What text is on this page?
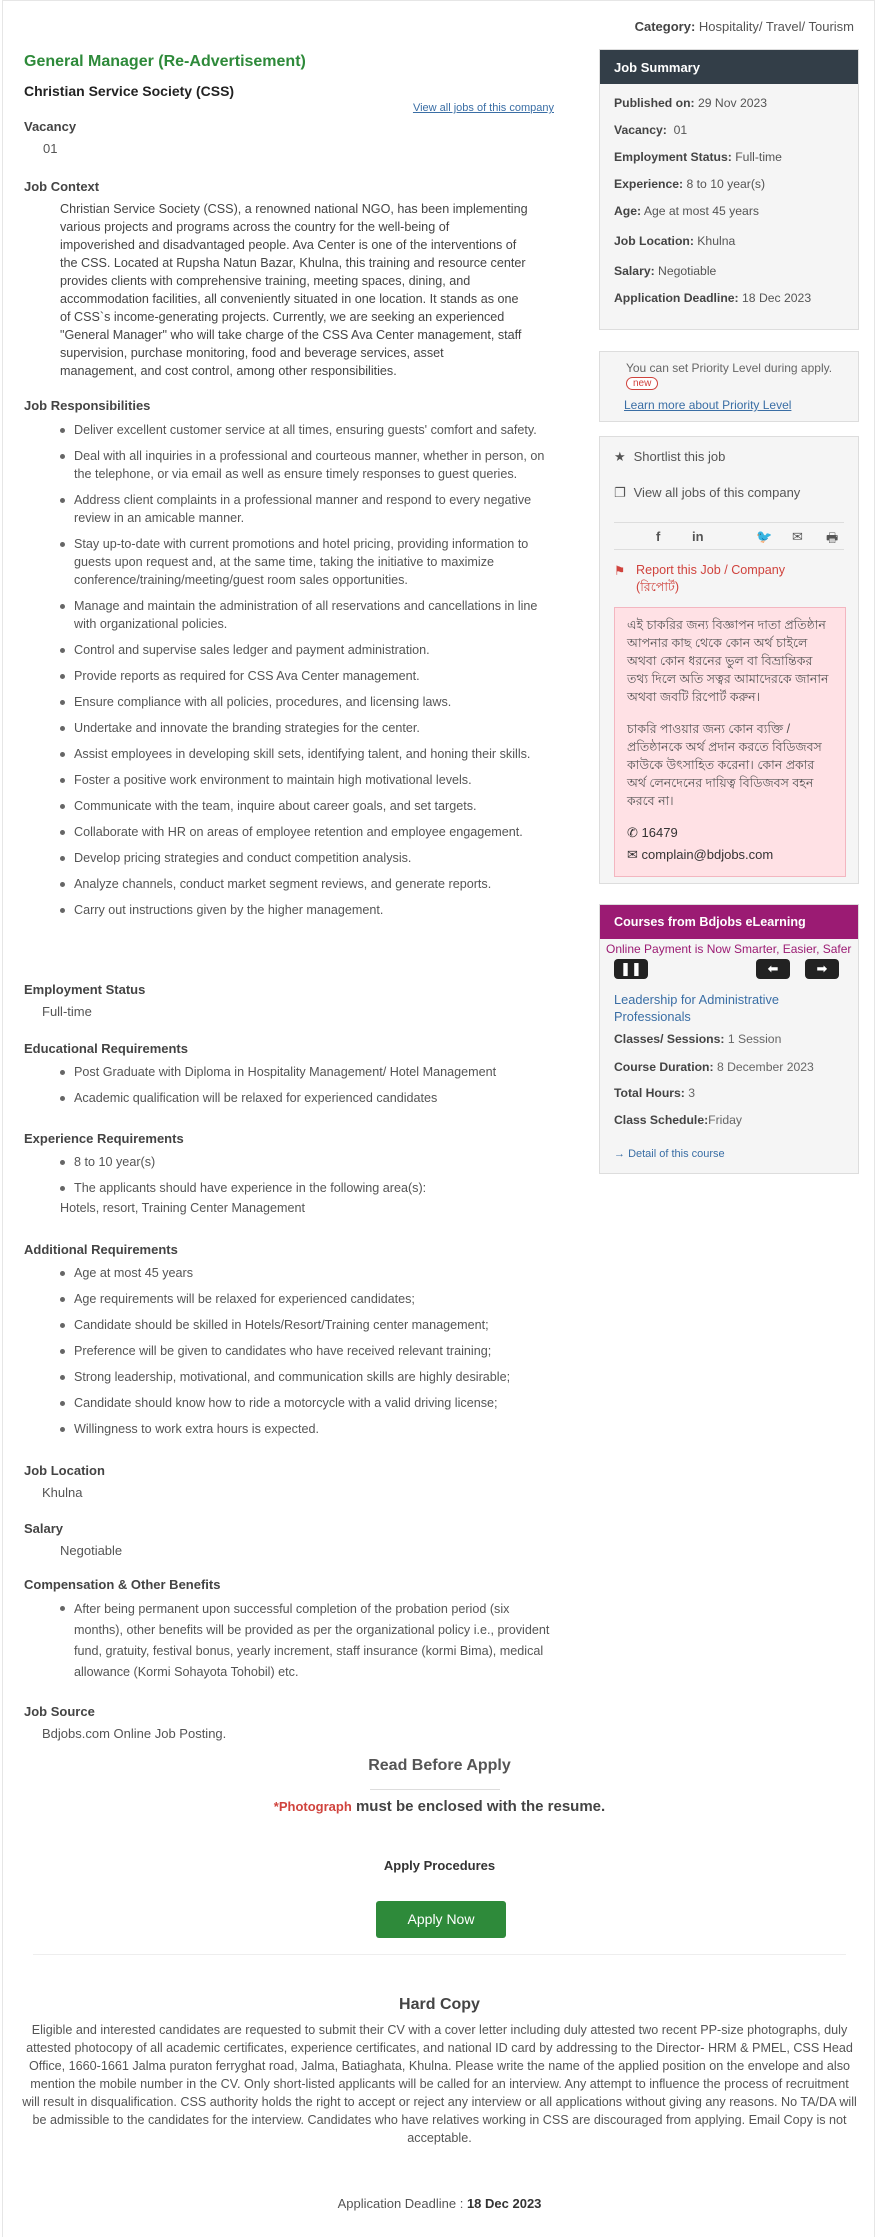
Category: Hospitality/ Travel/ Tourism
General Manager (Re-Advertisement)
Christian Service Society (CSS)
View all jobs of this company
Vacancy
01
Job Context
Christian Service Society (CSS), a renowned national NGO, has been implementing
various projects and programs across the country for the well-being of
impoverished and disadvantaged people. Ava Center is one of the interventions of
the CSS. Located at Rupsha Natun Bazar, Khulna, this training and resource center
provides clients with comprehensive training, meeting spaces, dining, and
accommodation facilities, all conveniently situated in one location. It stands as one
of CSS`s income-generating projects. Currently, we are seeking an experienced
"General Manager" who will take charge of the CSS Ava Center management, staff
supervision, purchase monitoring, food and beverage services, asset
management, and cost control, among other responsibilities.
Job Responsibilities
Deliver excellent customer service at all times, ensuring guests' comfort and safety.
Deal with all inquiries in a professional and courteous manner, whether in person, on the telephone, or via email as well as ensure timely responses to guest queries.
Address client complaints in a professional manner and respond to every negative review in an amicable manner.
Stay up-to-date with current promotions and hotel pricing, providing information to guests upon request and, at the same time, taking the initiative to maximize conference/training/meeting/guest room sales opportunities.
Manage and maintain the administration of all reservations and cancellations in line with organizational policies.
Control and supervise sales ledger and payment administration.
Provide reports as required for CSS Ava Center management.
Ensure compliance with all policies, procedures, and licensing laws.
Undertake and innovate the branding strategies for the center.
Assist employees in developing skill sets, identifying talent, and honing their skills.
Foster a positive work environment to maintain high motivational levels.
Communicate with the team, inquire about career goals, and set targets.
Collaborate with HR on areas of employee retention and employee engagement.
Develop pricing strategies and conduct competition analysis.
Analyze channels, conduct market segment reviews, and generate reports.
Carry out instructions given by the higher management.
Employment Status
Full-time
Educational Requirements
Post Graduate with Diploma in Hospitality Management/ Hotel Management
Academic qualification will be relaxed for experienced candidates
Experience Requirements
8 to 10 year(s)
The applicants should have experience in the following area(s):
Hotels, resort, Training Center Management
Additional Requirements
Age at most 45 years
Age requirements will be relaxed for experienced candidates;
Candidate should be skilled in Hotels/Resort/Training center management;
Preference will be given to candidates who have received relevant training;
Strong leadership, motivational, and communication skills are highly desirable;
Candidate should know how to ride a motorcycle with a valid driving license;
Willingness to work extra hours is expected.
Job Location
Khulna
Salary
Negotiable
Compensation & Other Benefits
After being permanent upon successful completion of the probation period (six months), other benefits will be provided as per the organizational policy i.e., provident fund, gratuity, festival bonus, yearly increment, staff insurance (kormi Bima), medical allowance (Kormi Sohayota Tohobil) etc.
Job Source
Bdjobs.com Online Job Posting.
Job Summary
Published on: 29 Nov 2023
Vacancy: 01
Employment Status: Full-time
Experience: 8 to 10 year(s)
Age: Age at most 45 years
Job Location: Khulna
Salary: Negotiable
Application Deadline: 18 Dec 2023
You can set Priority Level during apply.
new
Learn more about Priority Level
★ Shortlist this job
❐ View all jobs of this company
f in	🐦 ✉ 🖶
⚑ Report this Job / Company
(রিপোর্ট)

এই চাকরির জন্য বিজ্ঞাপন দাতা প্রতিষ্ঠান আপনার কাছ থেকে কোন অর্থ চাইলে অথবা কোন ধরনের ভুল বা বিভ্রান্তিকর তথ্য দিলে অতি সত্বর আমাদেরকে জানান অথবা জবটি রিপোর্ট করুন।

চাকরি পাওয়ার জন্য কোন ব্যক্তি / প্রতিষ্ঠানকে অর্থ প্রদান করতে বিডিজবস কাউকে উৎসাহিত করেনা। কোন প্রকার অর্থ লেনদেনের দায়িত্ব বিডিজবস বহন করবে না।

✆ 16479
✉ complain@bdjobs.com
Courses from Bdjobs eLearning
Online Payment is Now Smarter, Easier, Safer
❚❚	⬅	➡
Leadership for Administrative Professionals
Classes/ Sessions: 1 Session
Course Duration: 8 December 2023
Total Hours: 3
Class Schedule:Friday
→ Detail of this course
Read Before Apply
*Photograph must be enclosed with the resume.
Apply Procedures
Apply Now
Hard Copy
Eligible and interested candidates are requested to submit their CV with a cover letter including duly attested two recent PP-size photographs, duly attested photocopy of all academic certificates, experience certificates, and national ID card by addressing to the Director- HRM & PMEL, CSS Head Office, 1660-1661 Jalma puraton ferryghat road, Jalma, Batiaghata, Khulna. Please write the name of the applied position on the envelope and also mention the mobile number in the CV. Only short-listed applicants will be called for an interview. Any attempt to influence the process of recruitment will result in disqualification. CSS authority holds the right to accept or reject any interview or all applications without giving any reasons. No TA/DA will be admissible to the candidates for the interview. Candidates who have relatives working in CSS are discouraged from applying. Email Copy is not acceptable.
Application Deadline : 18 Dec 2023
